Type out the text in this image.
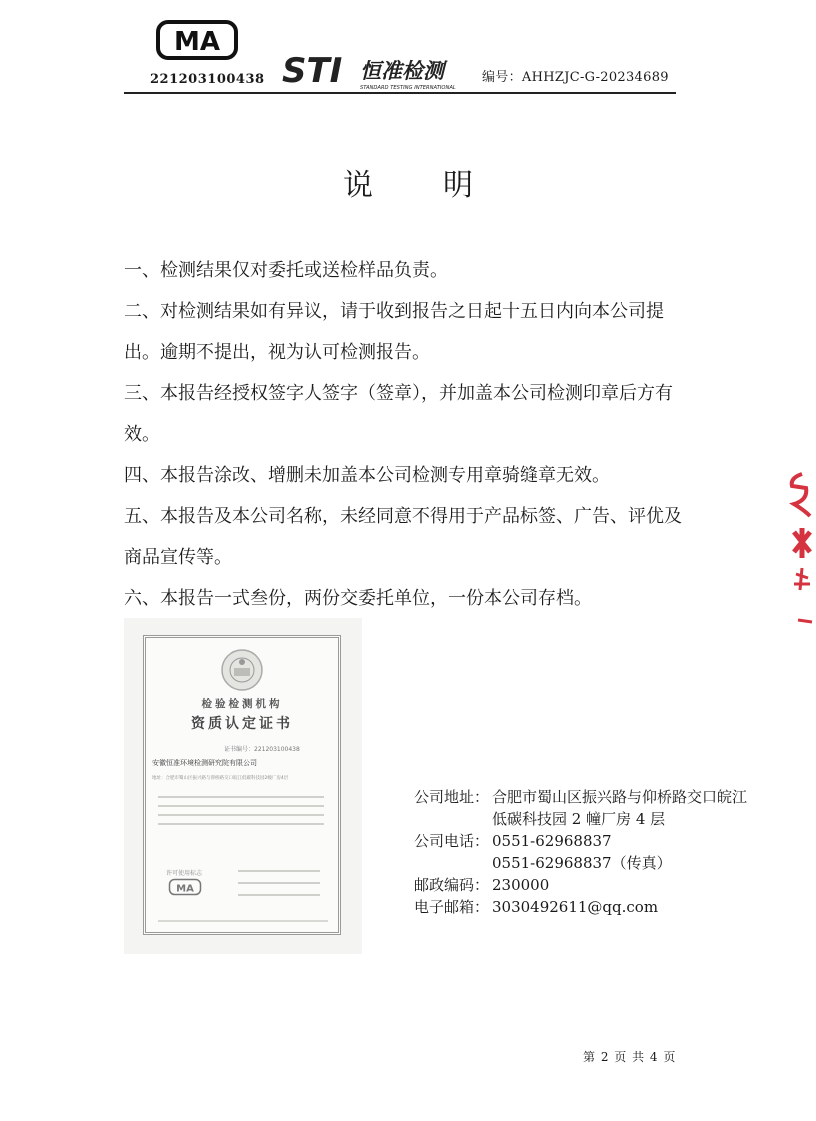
MA
221203100438 STI 恒准检测
STANDARD TESTING INTERNATIONAL
编号：AHHZJC-G-20234689
说明

一、检测结果仅对委托或送检样品负责。

二、对检测结果如有异议，请于收到报告之日起十五日内向本公司提出。逾期不提出，视为认可检测报告。

三、本报告经授权签字人签字（签章），并加盖本公司检测印章后方有效。

四、本报告涂改、增删未加盖本公司检测专用章骑缝章无效。

五、本报告及本公司名称，未经同意不得用于产品标签、广告、评优及商品宣传等。

六、本报告一式叁份，两份交委托单位，一份本公司存档。

检验检测机构
资质认定证书
证书编号：221203100438
安徽恒准环境检测研究院有限公司
地址：合肥市蜀山区振兴路与仰桥路交口皖江低碳科技园2幢厂房4层
许可使用标志
MA
公司地址： 合肥市蜀山区振兴路与仰桥路交口皖江低碳科技园 2 幢厂房 4 层
公司电话： 0551-62968837
0551-62968837（传真）
邮政编码： 230000
电子邮箱： 3030492611@qq.com
第 2 页 共 4 页
